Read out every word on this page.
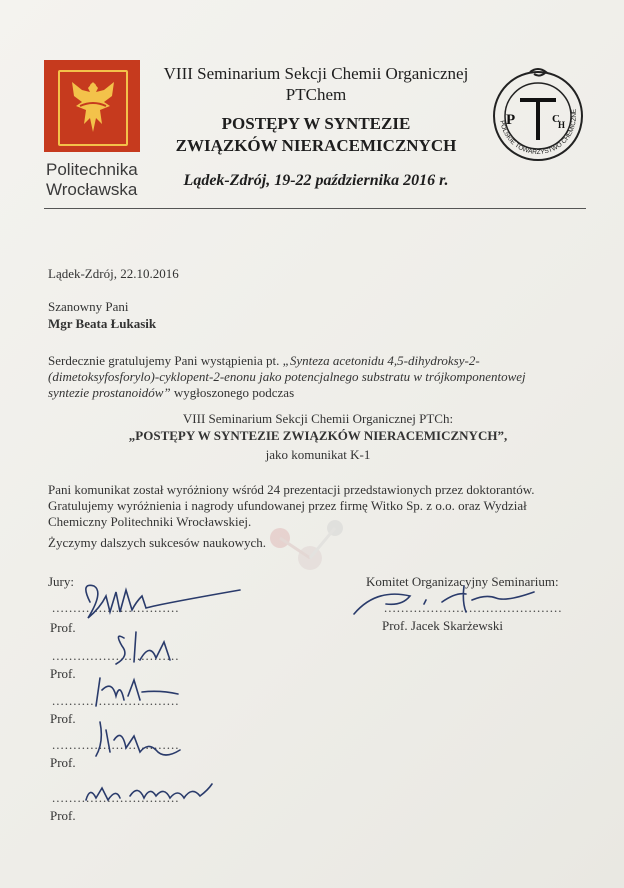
Politechnika
Wrocławska
VIII Seminarium Sekcji Chemii Organicznej
PTChem
POSTĘPY W SYNTEZIE
ZWIĄZKÓW NIERACEMICZNYCH
Lądek-Zdrój, 19-22 października 2016 r.
POLSKIE TOWARZYSTWO CHEMICZNE
P	C
H
Lądek-Zdrój, 22.10.2016
Szanowny Pani
Mgr Beata Łukasik
Serdecznie gratulujemy Pani wystąpienia pt. „Synteza acetonidu 4,5-dihydroksy-2-
(dimetoksyfosforylo)-cyklopent-2-enonu jako potencjalnego substratu w trójkomponentowej
syntezie prostanoidów” wygłoszonego podczas
VIII Seminarium Sekcji Chemii Organicznej PTCh:
„POSTĘPY W SYNTEZIE ZWIĄZKÓW NIERACEMICZNYCH”,
jako komunikat K-1
Pani komunikat został wyróżniony wśród 24 prezentacji przedstawionych przez doktorantów.
Gratulujemy wyróżnienia i nagrody ufundowanej przez firmę Witko Sp. z o.o. oraz Wydział
Chemiczny Politechniki Wrocławskiej.
Życzymy dalszych sukcesów naukowych.
Jury:
..............................
Prof.
..............................
Prof.
..............................
Prof.
..............................
Prof.
..............................
Prof.
Komitet Organizacyjny Seminarium:
..........................................
Prof. Jacek Skarżewski
